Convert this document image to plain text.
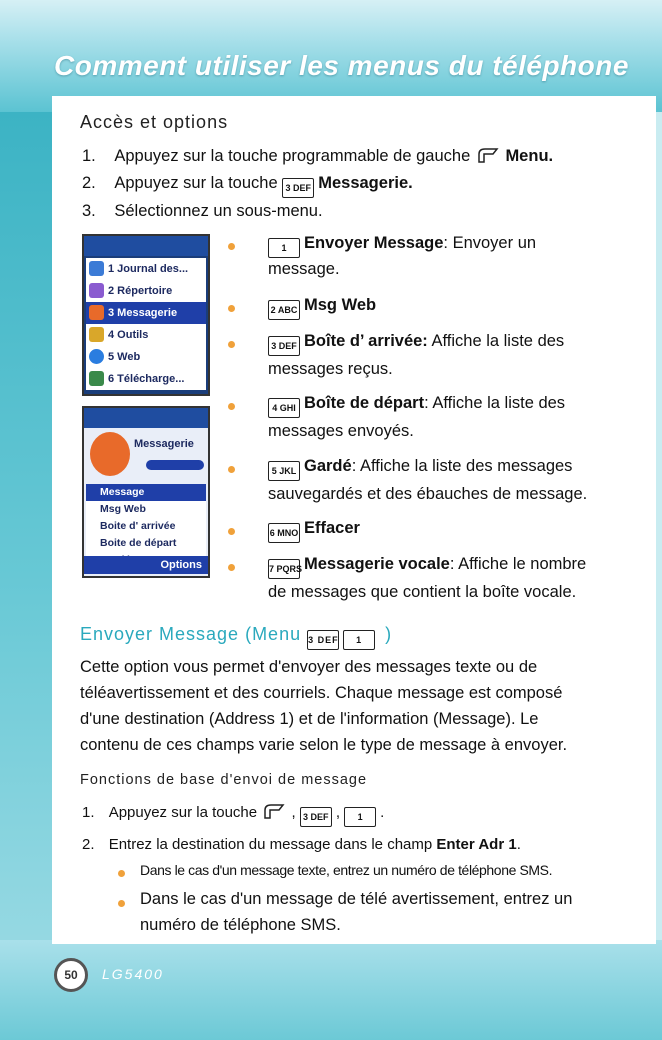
Comment utiliser les menus du téléphone
Accès et options
1. Appuyez sur la touche programmable de gauche Menu.
2. Appuyez sur la touche 3 DEF Messagerie.
3. Sélectionnez un sous-menu.
1 Journal des...
2 Répertoire
3 Messagerie
4 Outils
5 Web
6 Télécharge...
Messagerie
Message
Msg Web
Boite d' arrivée
Boite de départ
Options
1 Envoyer Message: Envoyer un
message.
2 ABC Msg Web
3 DEF Boîte d’ arrivée: Affiche la liste des
messages reçus.
4 GHI Boîte de départ: Affiche la liste des
messages envoyés.
5 JKL Gardé: Affiche la liste des messages
sauvegardés et des ébauches de message.
6 MNO Effacer
7 PQRS Messagerie vocale: Affiche le nombre
de messages que contient la boîte vocale.
Envoyer Message (Menu 3 DEF 1 )
Cette option vous permet d'envoyer des messages texte ou de
téléavertissement et des courriels. Chaque message est composé
d'une destination (Address 1) et de l'information (Message). Le
contenu de ces champs varie selon le type de message à envoyer.
Fonctions de base d'envoi de message
1. Appuyez sur la touche , 3 DEF , 1 .
2. Entrez la destination du message dans le champ Enter Adr 1.
Dans le cas d'un message texte, entrez un numéro de téléphone SMS.
Dans le cas d'un message de télé avertissement, entrez un
numéro de téléphone SMS.
50	LG5400
